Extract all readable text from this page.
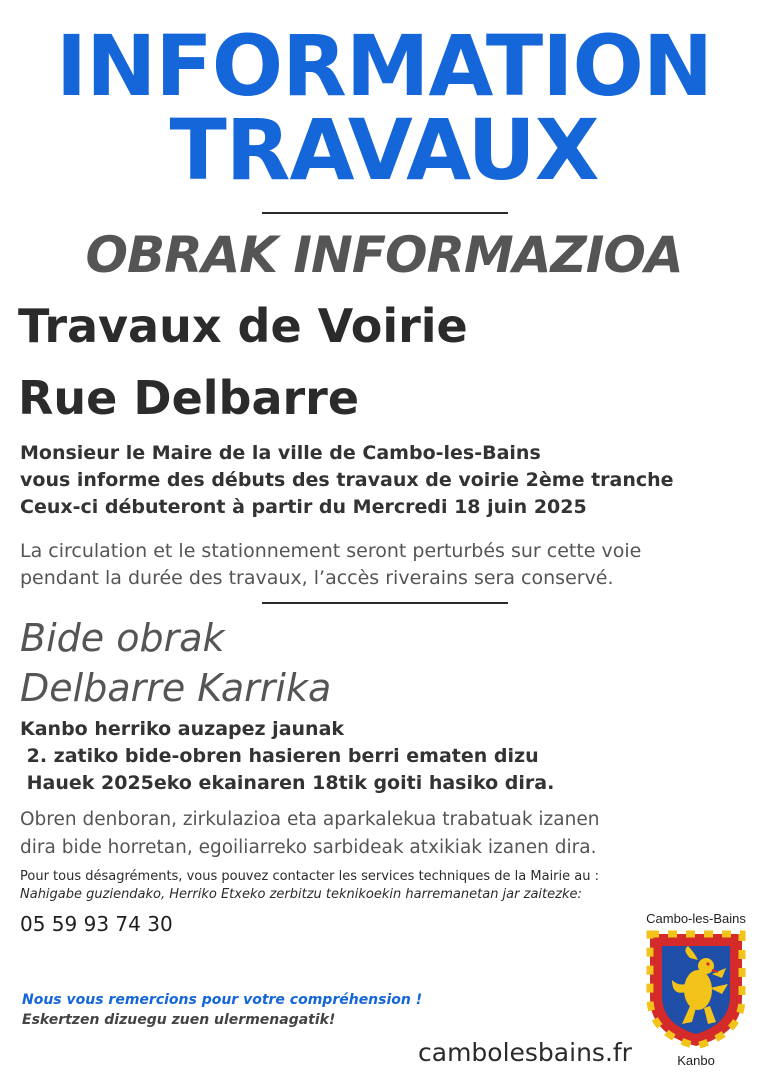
INFORMATION
TRAVAUX
OBRAK INFORMAZIOA
Travaux de Voirie
Rue Delbarre
Monsieur le Maire de la ville de Cambo-les-Bains
vous informe des débuts des travaux de voirie 2ème tranche
Ceux-ci débuteront à partir du Mercredi 18 juin 2025
La circulation et le stationnement seront perturbés sur cette voie
pendant la durée des travaux, l’accès riverains sera conservé.
Bide obrak
Delbarre Karrika
Kanbo herriko auzapez jaunak
2. zatiko bide-obren hasieren berri ematen dizu
Hauek 2025eko ekainaren 18tik goiti hasiko dira.
Obren denboran, zirkulazioa eta aparkalekua trabatuak izanen
dira bide horretan, egoiliarreko sarbideak atxikiak izanen dira.
Pour tous désagréments, vous pouvez contacter les services techniques de la Mairie au :
Nahigabe guziendako, Herriko Etxeko zerbitzu teknikoekin harremanetan jar zaitezke:
05 59 93 74 30
Nous vous remercions pour votre compréhension !
Eskertzen dizuegu zuen ulermenagatik!
cambolesbains.fr
Cambo-les-Bains
Kanbo
